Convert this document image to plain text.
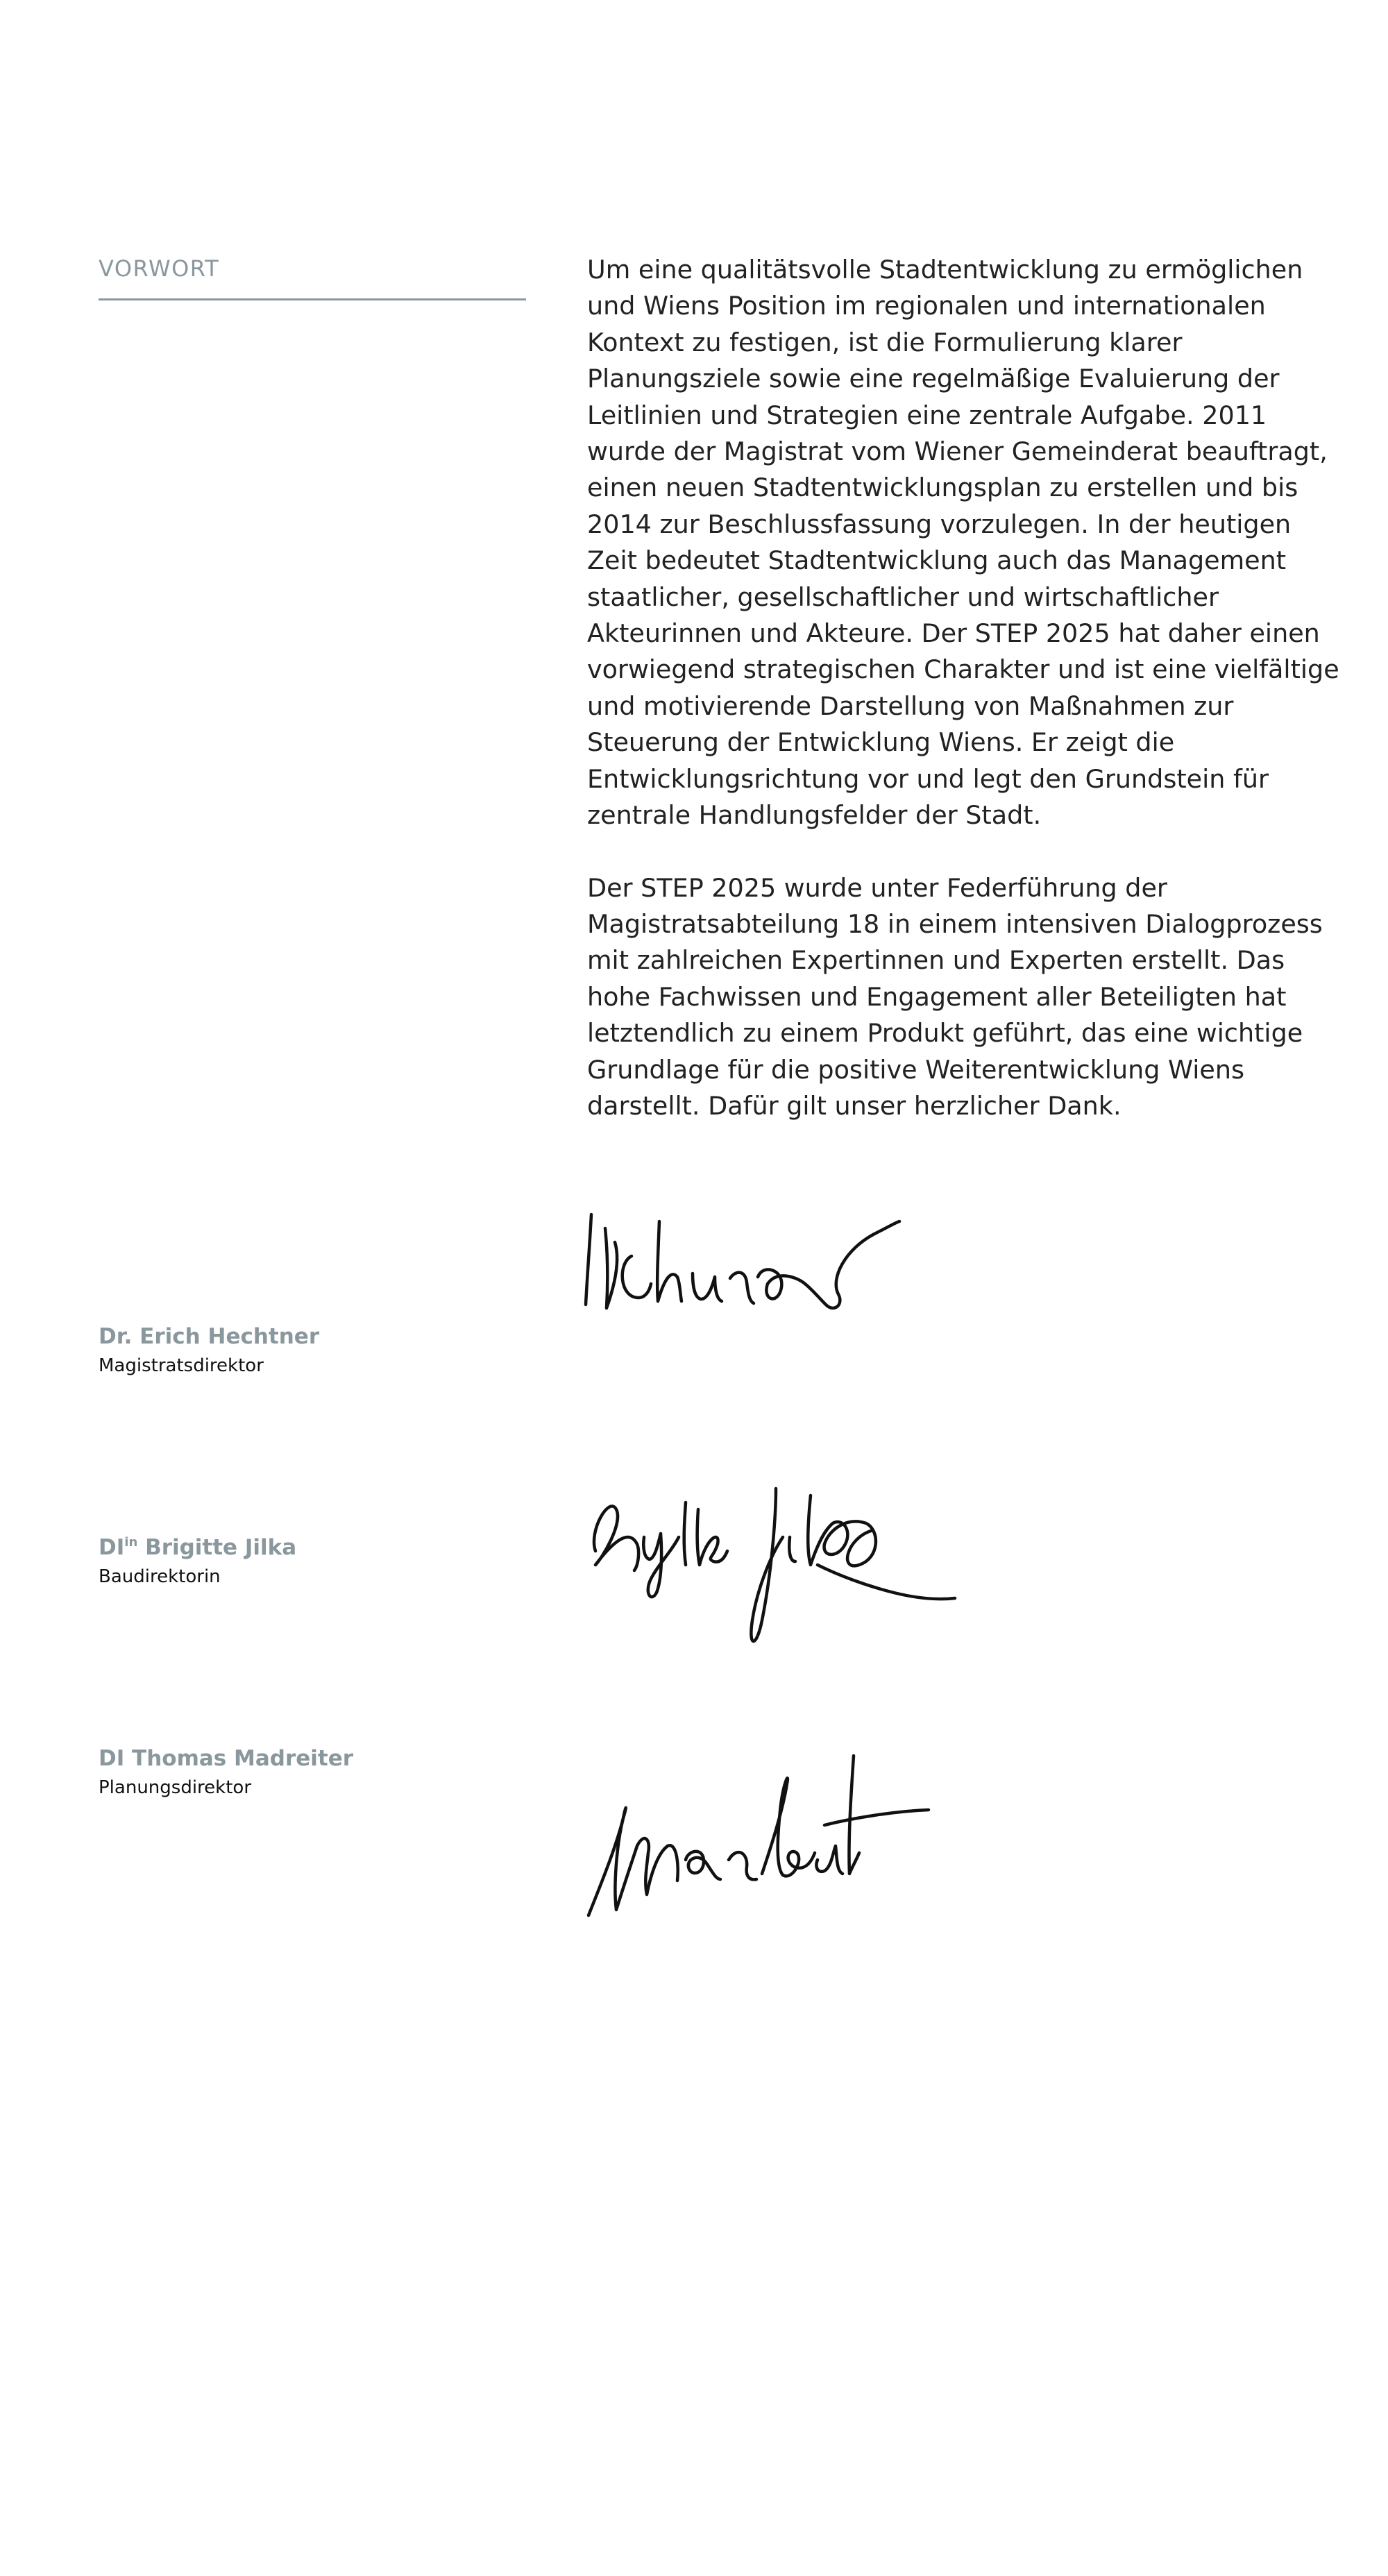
VORWORT	Um eine qualitätsvolle Stadtentwicklung zu ermöglichen und Wiens Position im regionalen und internationalen Kontext zu festigen, ist die Formulierung klarer Planungsziele sowie eine regelmäßige Evaluierung der Leitlinien und Strategien eine zentrale Aufgabe. 2011 wurde der Magistrat vom Wiener Gemeinderat beauftragt, einen neuen Stadtentwicklungsplan zu erstellen und bis 2014 zur Beschlussfassung vorzulegen. In der heutigen Zeit bedeutet Stadtentwicklung auch das Management staatlicher, gesellschaftlicher und wirtschaftlicher Akteurinnen und Akteure. Der STEP 2025 hat daher einen vorwiegend strategischen Charakter und ist eine vielfältige und motivierende Darstellung von Maßnahmen zur Steuerung der Entwicklung Wiens. Er zeigt die Entwicklungsrichtung vor und legt den Grundstein für zentrale Handlungsfelder der Stadt.

Der STEP 2025 wurde unter Federführung der Magistratsabteilung 18 in einem intensiven Dialogprozess mit zahlreichen Expertinnen und Experten erstellt. Das hohe Fachwissen und Engagement aller Beteiligten hat letztendlich zu einem Produkt geführt, das eine wichtige Grundlage für die positive Weiterentwicklung Wiens darstellt. Dafür gilt unser herzlicher Dank.

Dr. Erich Hechtner
Magistratsdirektor
$DI^{in}$ Brigitte Jilka
Baudirektorin
DI Thomas Madreiter
Planungsdirektor
